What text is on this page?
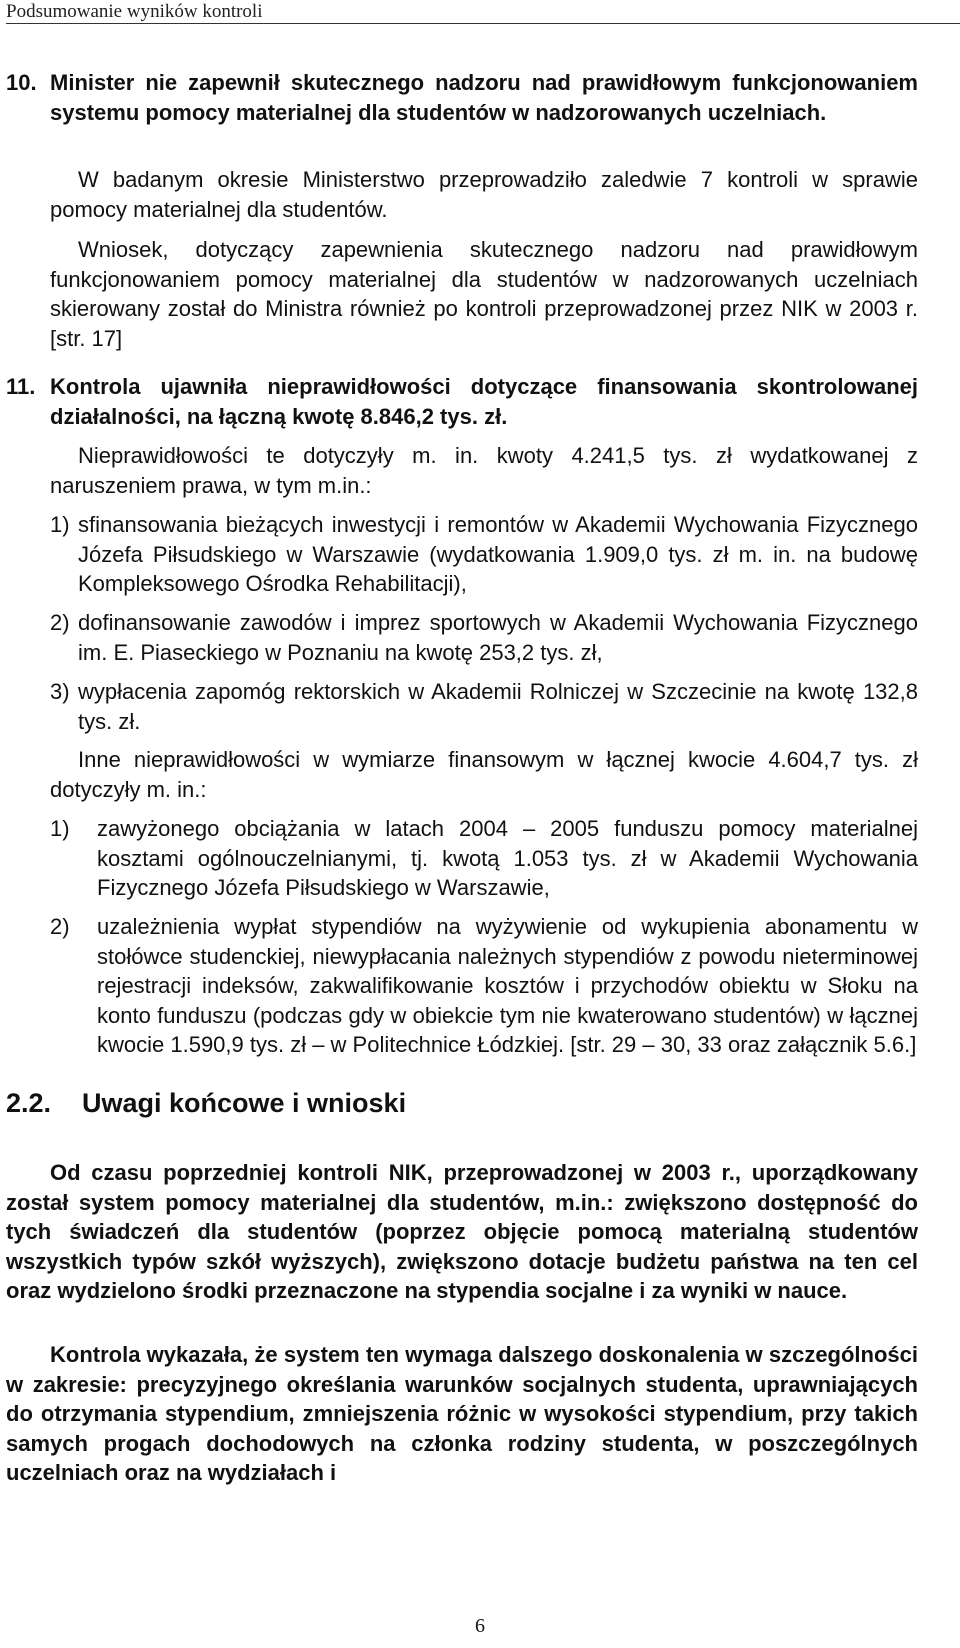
Podsumowanie wyników kontroli

10. Minister nie zapewnił skutecznego nadzoru nad prawidłowym funkcjonowaniem systemu pomocy materialnej dla studentów w nadzorowanych uczelniach.

W badanym okresie Ministerstwo przeprowadziło zaledwie 7 kontroli w sprawie pomocy materialnej dla studentów.

Wniosek, dotyczący zapewnienia skutecznego nadzoru nad prawidłowym funkcjonowaniem pomocy materialnej dla studentów w nadzorowanych uczelniach skierowany został do Ministra również po kontroli przeprowadzonej przez NIK w 2003 r. [str. 17]

11. Kontrola ujawniła nieprawidłowości dotyczące finansowania skontrolowanej działalności, na łączną kwotę 8.846,2 tys. zł.

Nieprawidłowości te dotyczyły m. in. kwoty 4.241,5 tys. zł wydatkowanej z naruszeniem prawa, w tym m.in.:

1) sfinansowania bieżących inwestycji i remontów w Akademii Wychowania Fizycznego Józefa Piłsudskiego w Warszawie (wydatkowania 1.909,0 tys. zł m. in. na budowę Kompleksowego Ośrodka Rehabilitacji),

2) dofinansowanie zawodów i imprez sportowych w Akademii Wychowania Fizycznego im. E. Piaseckiego w Poznaniu na kwotę 253,2 tys. zł,

3) wypłacenia zapomóg rektorskich w Akademii Rolniczej w Szczecinie na kwotę 132,8 tys. zł.

Inne nieprawidłowości w wymiarze finansowym w łącznej kwocie 4.604,7 tys. zł dotyczyły m. in.:

1) zawyżonego obciążania w latach 2004 – 2005 funduszu pomocy materialnej kosztami ogólnouczelnianymi, tj. kwotą 1.053 tys. zł w Akademii Wychowania Fizycznego Józefa Piłsudskiego w Warszawie,

2) uzależnienia wypłat stypendiów na wyżywienie od wykupienia abonamentu w stołówce studenckiej, niewypłacania należnych stypendiów z powodu nieterminowej rejestracji indeksów, zakwalifikowanie kosztów i przychodów obiektu w Słoku na konto funduszu (podczas gdy w obiekcie tym nie kwaterowano studentów) w łącznej kwocie 1.590,9 tys. zł – w Politechnice Łódzkiej. [str. 29 – 30, 33 oraz załącznik 5.6.]

2.2. Uwagi końcowe i wnioski

Od czasu poprzedniej kontroli NIK, przeprowadzonej w 2003 r., uporządkowany został system pomocy materialnej dla studentów, m.in.: zwiększono dostępność do tych świadczeń dla studentów (poprzez objęcie pomocą materialną studentów wszystkich typów szkół wyższych), zwiększono dotacje budżetu państwa na ten cel oraz wydzielono środki przeznaczone na stypendia socjalne i za wyniki w nauce.

Kontrola wykazała, że system ten wymaga dalszego doskonalenia w szczególności w zakresie: precyzyjnego określania warunków socjalnych studenta, uprawniających do otrzymania stypendium, zmniejszenia różnic w wysokości stypendium, przy takich samych progach dochodowych na członka rodziny studenta, w poszczególnych uczelniach oraz na wydziałach i

6
